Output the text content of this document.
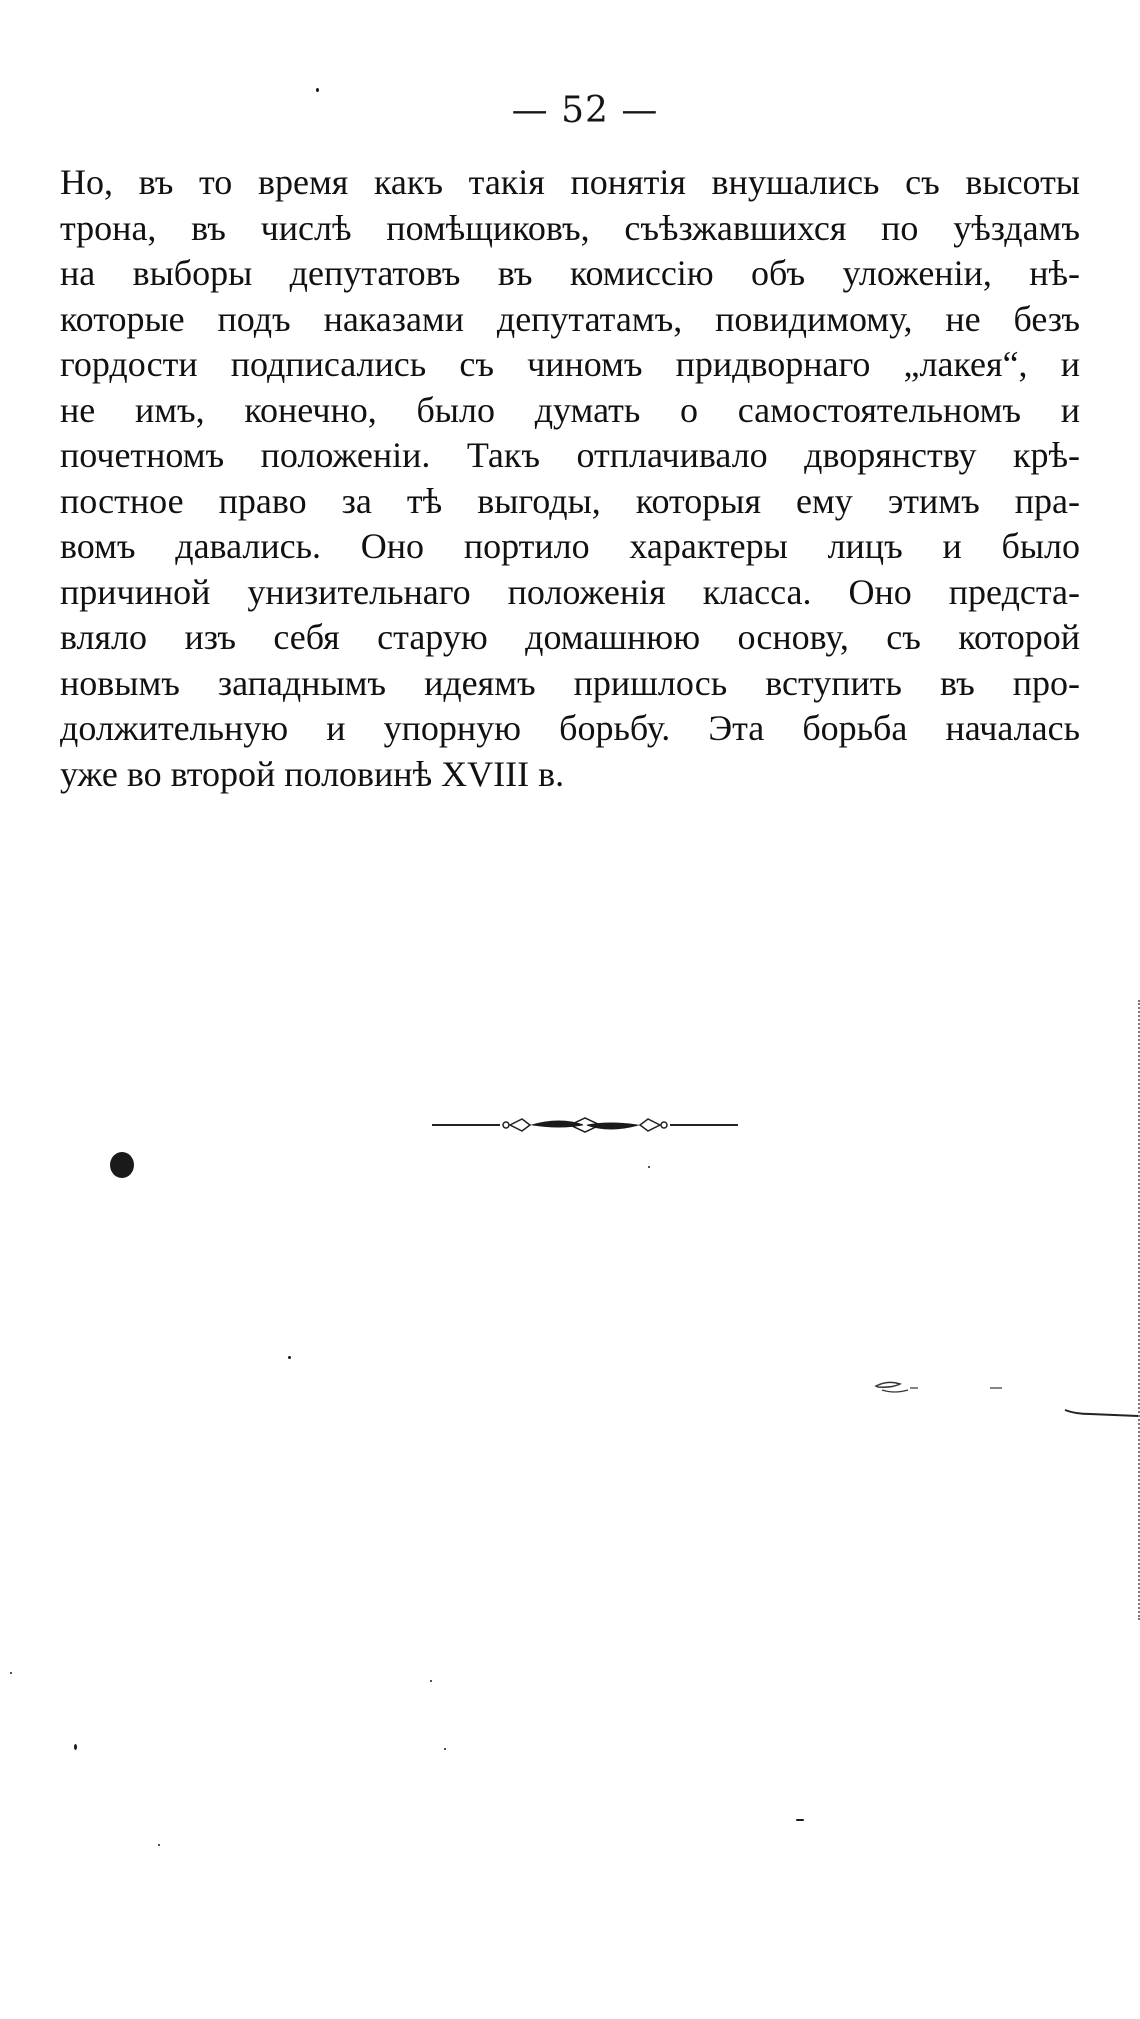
— 52 —
Но, въ то время какъ такія понятія внушались съ высоты
трона, въ числѣ помѣщиковъ, съѣзжавшихся по уѣздамъ
на выборы депутатовъ въ комиссію объ уложеніи, нѣ-
которые подъ наказами депутатамъ, повидимому, не безъ
гордости подписались съ чиномъ придворнаго „лакея“, и
не имъ, конечно, было думать о самостоятельномъ и
почетномъ положеніи. Такъ отплачивало дворянству крѣ-
постное право за тѣ выгоды, которыя ему этимъ пра-
вомъ давались. Оно портило характеры лицъ и было
причиной унизительнаго положенія класса. Оно предста-
вляло изъ себя старую домашнюю основу, съ которой
новымъ западнымъ идеямъ пришлось вступить въ про-
должительную и упорную борьбу. Эта борьба началась
уже во второй половинѣ XVIII в.
